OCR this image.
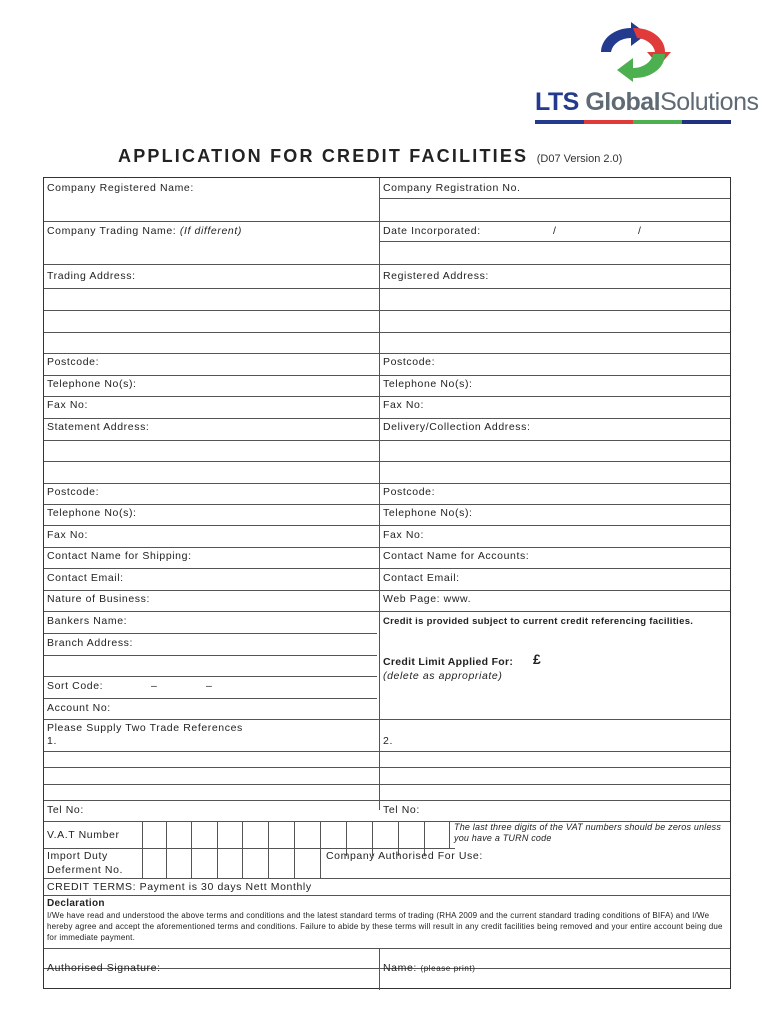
LTS GlobalSolutions
APPLICATION FOR CREDIT FACILITIES (D07 Version 2.0)
Company Registered Name:	Company Registration No.
Company Trading Name: (If different)	Date Incorporated:	/	/
Trading Address:	Registered Address:
Postcode:	Postcode:
Telephone No(s):	Telephone No(s):
Fax No:	Fax No:
Statement Address:	Delivery/Collection Address:
Postcode:	Postcode:
Telephone No(s):	Telephone No(s):
Fax No:	Fax No:
Contact Name for Shipping:	Contact Name for Accounts:
Contact Email:	Contact Email:
Nature of Business:	Web Page: www.
Bankers Name:	Credit is provided subject to current credit referencing facilities.
Branch Address:
Credit Limit Applied For: £
(delete as appropriate)
Sort Code:	–	–
Account No:
Please Supply Two Trade References
1.	2.
Tel No:	Tel No:
V.A.T Number
The last three digits of the VAT numbers should be zeros unless you have a TURN code
Import Duty
Deferment No.
Company Authorised For Use:
CREDIT TERMS: Payment is 30 days Nett Monthly
Declaration
I/We have read and understood the above terms and conditions and the latest standard terms of trading (RHA 2009 and the current standard trading conditions of BIFA) and I/We hereby agree and accept the aforementioned terms and conditions. Failure to abide by these terms will result in any credit facilities being removed and your entire account being due for immediate payment.
Authorised Signature:	Name: (please print)
